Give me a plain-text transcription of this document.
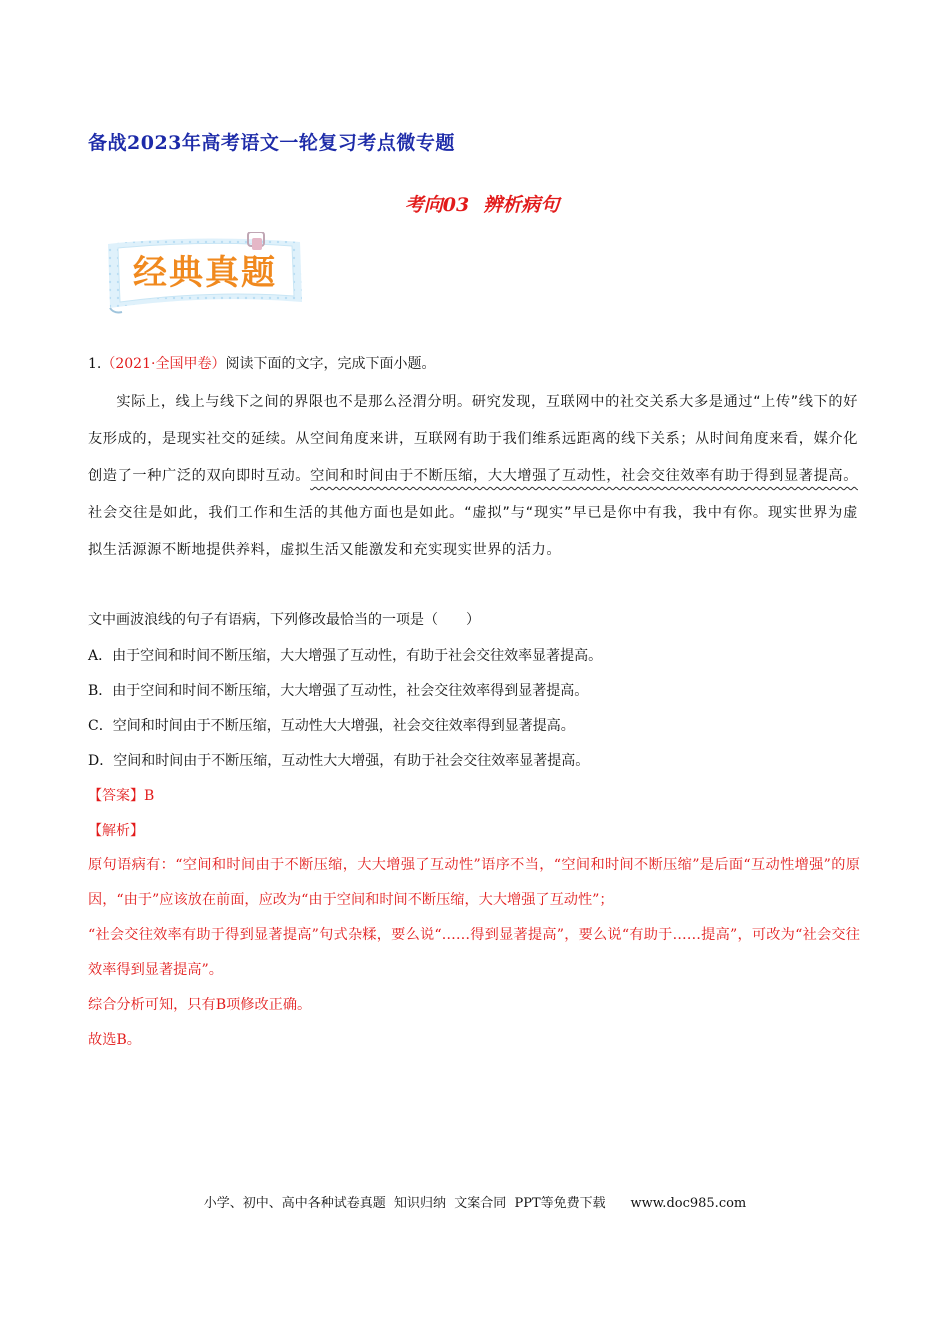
备战2023年高考语文一轮复习考点微专题
考向03 辨析病句
经典真题
1.（2021·全国甲卷）阅读下面的文字，完成下面小题。

实际上，线上与线下之间的界限也不是那么泾渭分明。研究发现，互联网中的社交关系大多是通过“上传”线下的好友形成的，是现实社交的延续。从空间角度来讲，互联网有助于我们维系远距离的线下关系；从时间角度来看，媒介化创造了一种广泛的双向即时互动。空间和时间由于不断压缩，大大增强了互动性，社会交往效率有助于得到显著提高。社会交往是如此，我们工作和生活的其他方面也是如此。“虚拟”与“现实”早已是你中有我，我中有你。现实世界为虚拟生活源源不断地提供养料，虚拟生活又能激发和充实现实世界的活力。

文中画波浪线的句子有语病，下列修改最恰当的一项是（　　）
A．由于空间和时间不断压缩，大大增强了互动性，有助于社会交往效率显著提高。
B．由于空间和时间不断压缩，大大增强了互动性，社会交往效率得到显著提高。
C．空间和时间由于不断压缩，互动性大大增强，社会交往效率得到显著提高。
D．空间和时间由于不断压缩，互动性大大增强，有助于社会交往效率显著提高。
【答案】B
【解析】

原句语病有：“空间和时间由于不断压缩，大大增强了互动性”语序不当，“空间和时间不断压缩”是后面“互动性增强”的原因，“由于”应该放在前面，应改为“由于空间和时间不断压缩，大大增强了互动性”；

“社会交往效率有助于得到显著提高”句式杂糅，要么说“……得到显著提高”，要么说“有助于……提高”，可改为“社会交往效率得到显著提高”。

综合分析可知，只有B项修改正确。

故选B。

小学、初中、高中各种试卷真题  知识归纳  文案合同  PPT等免费下载      www.doc985.com
